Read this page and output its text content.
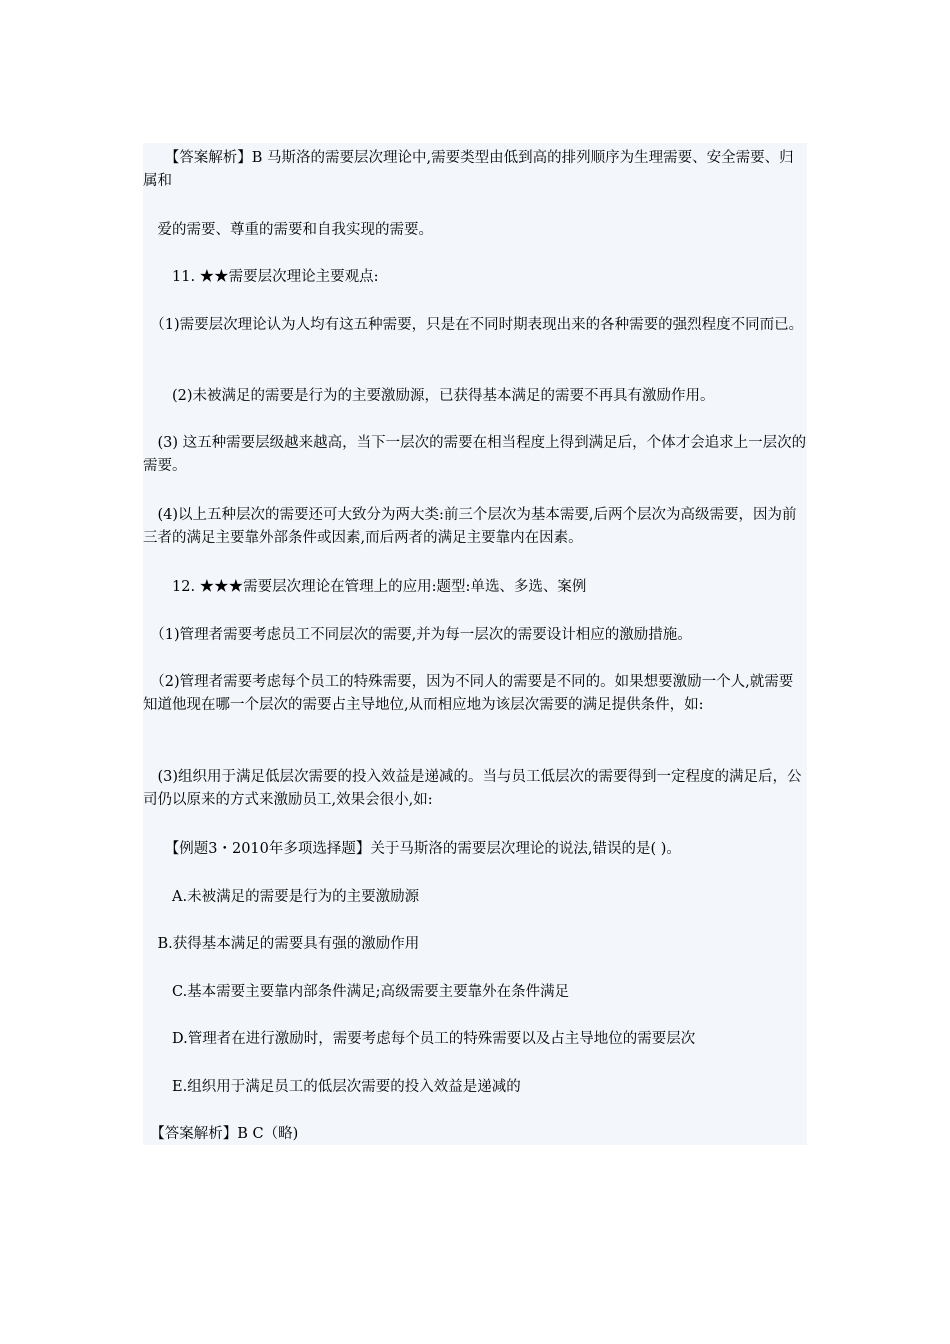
　　【答案解析】B 马斯洛的需要层次理论中,需要类型由低到高的排列顺序为生理需要、安全需要、归属和

　爱的需要、尊重的需要和自我实现的需要。

　　11. ★★需要层次理论主要观点:

　（1)需要层次理论认为人均有这五种需要，只是在不同时期表现出来的各种需要的强烈程度不同而已。

　　(2)未被满足的需要是行为的主要激励源，已获得基本满足的需要不再具有激励作用。

　(3) 这五种需要层级越来越高，当下一层次的需要在相当程度上得到满足后，个体才会追求上一层次的需要。

　(4)以上五种层次的需要还可大致分为两大类:前三个层次为基本需要,后两个层次为高级需要，因为前三者的满足主要靠外部条件或因素,而后两者的满足主要靠内在因素。

　　12. ★★★需要层次理论在管理上的应用:题型:单选、多选、案例

　（1)管理者需要考虑员工不同层次的需要,并为每一层次的需要设计相应的激励措施。

　（2)管理者需要考虑每个员工的特殊需要，因为不同人的需要是不同的。如果想要激励一个人,就需要知道他现在哪一个层次的需要占主导地位,从而相应地为该层次需要的满足提供条件，如:

　(3)组织用于满足低层次需要的投入效益是递减的。当与员工低层次的需要得到一定程度的满足后，公司仍以原来的方式来激励员工,效果会很小,如:

　　【例题3・2010年多项选择题】关于马斯洛的需要层次理论的说法,错误的是( )。

　　A.未被满足的需要是行为的主要激励源

　B.获得基本满足的需要具有强的激励作用

　　C.基本需要主要靠内部条件满足;高级需要主要靠外在条件满足

　　D.管理者在进行激励时，需要考虑每个员工的特殊需要以及占主导地位的需要层次

　　E.组织用于满足员工的低层次需要的投入效益是递减的

　【答案解析】B C（略)
